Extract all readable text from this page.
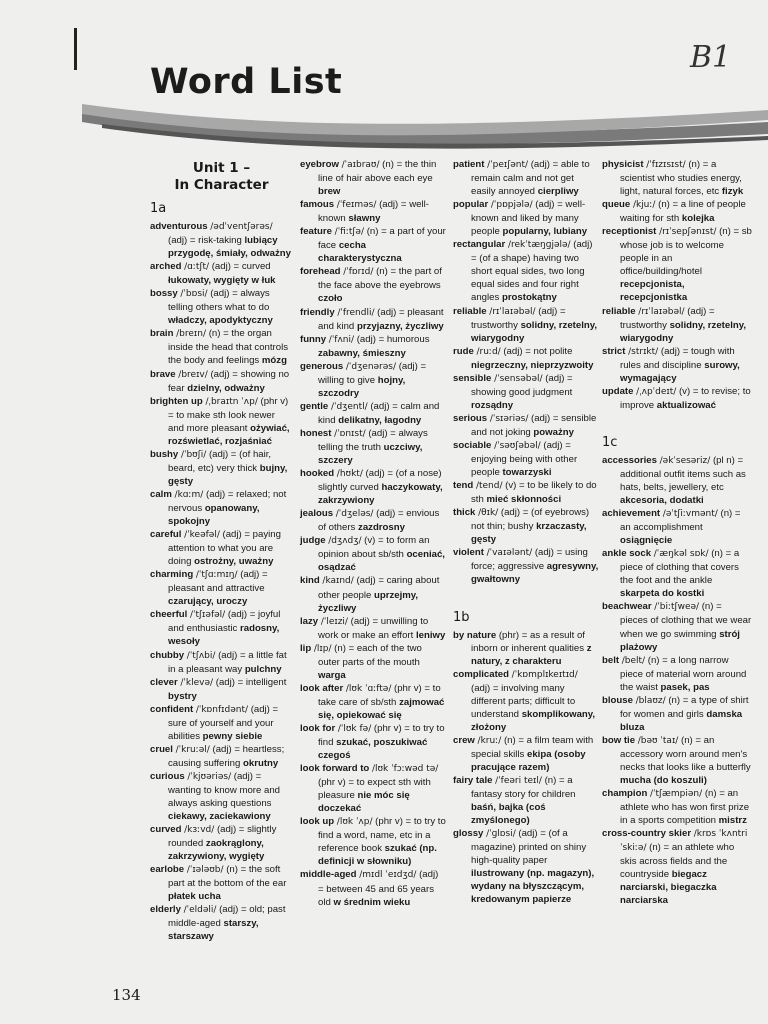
Word List
B1
Unit 1 –
In Character
1a

adventurous /ədˈventʃərəs/ (adj) = risk-taking lubiący przygodę, śmiały, odważny

arched /ɑːtʃt/ (adj) = curved łukowaty, wygięty w łuk

bossy /ˈbɒsi/ (adj) = always telling others what to do władczy, apodyktyczny

brain /breɪn/ (n) = the organ inside the head that controls the body and feelings mózg

brave /breɪv/ (adj) = showing no fear dzielny, odważny

brighten up /ˌbraɪtn ˈʌp/ (phr v) = to make sth look newer and more pleasant ożywiać, rozświetlać, rozjaśniać

bushy /ˈbʊʃi/ (adj) = (of hair, beard, etc) very thick bujny, gęsty

calm /kɑːm/ (adj) = relaxed; not nervous opanowany, spokojny

careful /ˈkeəfəl/ (adj) = paying attention to what you are doing ostrożny, uważny

charming /ˈtʃɑːmɪŋ/ (adj) = pleasant and attractive czarujący, uroczy

cheerful /ˈtʃɪəfəl/ (adj) = joyful and enthusiastic radosny, wesoły

chubby /ˈtʃʌbi/ (adj) = a little fat in a pleasant way pulchny

clever /ˈklevə/ (adj) = intelligent bystry

confident /ˈkɒnfɪdənt/ (adj) = sure of yourself and your abilities pewny siebie

cruel /ˈkruːəl/ (adj) = heartless; causing suffering okrutny

curious /ˈkjʊəriəs/ (adj) = wanting to know more and always asking questions ciekawy, zaciekawiony

curved /kɜːvd/ (adj) = slightly rounded zaokrąglony, zakrzywiony, wygięty

earlobe /ˈɪələʊb/ (n) = the soft part at the bottom of the ear płatek ucha

elderly /ˈeldəli/ (adj) = old; past middle-aged starszy, starszawy

eyebrow /ˈaɪbraʊ/ (n) = the thin line of hair above each eye brew

famous /ˈfeɪməs/ (adj) = well-known sławny

feature /ˈfiːtʃə/ (n) = a part of your face cecha charakterystyczna

forehead /ˈfɒrɪd/ (n) = the part of the face above the eyebrows czoło

friendly /ˈfrendli/ (adj) = pleasant and kind przyjazny, życzliwy

funny /ˈfʌni/ (adj) = humorous zabawny, śmieszny

generous /ˈdʒenərəs/ (adj) = willing to give hojny, szczodry

gentle /ˈdʒentl/ (adj) = calm and kind delikatny, łagodny

honest /ˈɒnɪst/ (adj) = always telling the truth uczciwy, szczery

hooked /hʊkt/ (adj) = (of a nose) slightly curved haczykowaty, zakrzywiony

jealous /ˈdʒeləs/ (adj) = envious of others zazdrosny

judge /dʒʌdʒ/ (v) = to form an opinion about sb/sth oceniać, osądzać

kind /kaɪnd/ (adj) = caring about other people uprzejmy, życzliwy

lazy /ˈleɪzi/ (adj) = unwilling to work or make an effort leniwy

lip /lɪp/ (n) = each of the two outer parts of the mouth warga

look after /lʊk ˈɑːftə/ (phr v) = to take care of sb/sth zajmować się, opiekować się

look for /ˈlʊk fə/ (phr v) = to try to find szukać, poszukiwać czegoś

look forward to /lʊk ˈfɔːwəd tə/ (phr v) = to expect sth with pleasure nie móc się doczekać

look up /lʊk ˈʌp/ (phr v) = to try to find a word, name, etc in a reference book szukać (np. definicji w słowniku)

middle-aged /mɪdl ˈeɪdʒd/ (adj) = between 45 and 65 years old w średnim wieku

patient /ˈpeɪʃənt/ (adj) = able to remain calm and not get easily annoyed cierpliwy

popular /ˈpɒpjələ/ (adj) = well-known and liked by many people popularny, lubiany

rectangular /rekˈtæŋɡjələ/ (adj) = (of a shape) having two short equal sides, two long equal sides and four right angles prostokątny

reliable /rɪˈlaɪəbəl/ (adj) = trustworthy solidny, rzetelny, wiarygodny

rude /ruːd/ (adj) = not polite niegrzeczny, nieprzyzwoity

sensible /ˈsensəbəl/ (adj) = showing good judgment rozsądny

serious /ˈsɪəriəs/ (adj) = sensible and not joking poważny

sociable /ˈsəʊʃəbəl/ (adj) = enjoying being with other people towarzyski

tend /tend/ (v) = to be likely to do sth mieć skłonności

thick /θɪk/ (adj) = (of eyebrows) not thin; bushy krzaczasty, gęsty

violent /ˈvaɪələnt/ (adj) = using force; aggressive agresywny, gwałtowny

1b

by nature (phr) = as a result of inborn or inherent qualities z natury, z charakteru

complicated /ˈkɒmplɪkeɪtɪd/ (adj) = involving many different parts; difficult to understand skomplikowany, złożony

crew /kruː/ (n) = a film team with special skills ekipa (osoby pracujące razem)

fairy tale /ˈfeəri teɪl/ (n) = a fantasy story for children baśń, bajka (coś zmyślonego)

glossy /ˈɡlɒsi/ (adj) = (of a magazine) printed on shiny high-quality paper ilustrowany (np. magazyn), wydany na błyszczącym, kredowanym papierze

physicist /ˈfɪzɪsɪst/ (n) = a scientist who studies energy, light, natural forces, etc fizyk

queue /kjuː/ (n) = a line of people waiting for sth kolejka

receptionist /rɪˈsepʃənɪst/ (n) = sb whose job is to welcome people in an office/building/hotel recepcjonista, recepcjonistka

reliable /rɪˈlaɪəbəl/ (adj) = trustworthy solidny, rzetelny, wiarygodny

strict /strɪkt/ (adj) = tough with rules and discipline surowy, wymagający

update /ˌʌpˈdeɪt/ (v) = to revise; to improve aktualizować

1c

accessories /əkˈsesəriz/ (pl n) = additional outfit items such as hats, belts, jewellery, etc akcesoria, dodatki

achievement /əˈtʃiːvmənt/ (n) = an accomplishment osiągnięcie

ankle sock /ˈæŋkəl sɒk/ (n) = a piece of clothing that covers the foot and the ankle skarpeta do kostki

beachwear /ˈbiːtʃweə/ (n) = pieces of clothing that we wear when we go swimming strój plażowy

belt /belt/ (n) = a long narrow piece of material worn around the waist pasek, pas

blouse /blaʊz/ (n) = a type of shirt for women and girls damska bluza

bow tie /bəʊ ˈtaɪ/ (n) = an accessory worn around men's necks that looks like a butterfly mucha (do koszuli)

champion /ˈtʃæmpiən/ (n) = an athlete who has won first prize in a sports competition mistrz

cross-country skier /krɒs ˈkʌntri ˈskiːə/ (n) = an athlete who skis across fields and the countryside biegacz narciarski, biegaczka narciarska

134
